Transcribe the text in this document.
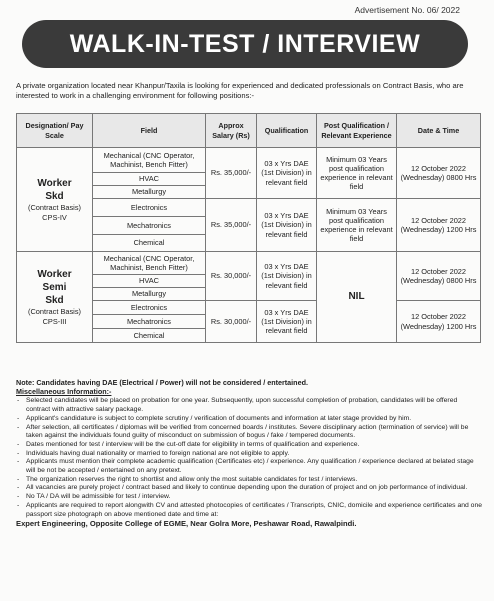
Advertisement No. 06/ 2022
WALK-IN-TEST / INTERVIEW
A private organization located near Khanpur/Taxila is looking for experienced and dedicated professionals on Contract Basis, who are interested to work in a challenging environment for following positions:-
Designation/ Pay Scale	Field	Approx Salary (Rs)	Qualification	Post Qualification / Relevant Experience	Date & Time

Worker
Skd
(Contract Basis)
CPS-IV	Mechanical (CNC Operator, Machinist, Bench Fitter)	Rs. 35,000/-	03 x Yrs DAE (1st Division) in relevant field	Minimum 03 Years post qualification experience in relevant field	12 October 2022 (Wednesday) 0800 Hrs
	HVAC				
	Metallurgy				
	Electronics	Rs. 35,000/-	03 x Yrs DAE (1st Division) in relevant field	Minimum 03 Years post qualification experience in relevant field	12 October 2022 (Wednesday) 1200 Hrs
	Mechatronics				
	Chemical				

Worker
Semi
Skd
(Contract Basis)
CPS-III	Mechanical (CNC Operator, Machinist, Bench Fitter)	Rs. 30,000/-	03 x Yrs DAE (1st Division) in relevant field	NIL	12 October 2022 (Wednesday) 0800 Hrs
	HVAC				
	Metallurgy				
	Electronics	Rs. 30,000/-	03 x Yrs DAE (1st Division) in relevant field		12 October 2022 (Wednesday) 1200 Hrs
	Mechatronics				
	Chemical				
Note: Candidates having DAE (Electrical / Power) will not be considered / entertained.
Miscellaneous Information:-
- Selected candidates will be placed on probation for one year. Subsequently, upon successful completion of probation, candidates will be offered contract with attractive salary package.
- Applicant's candidature is subject to complete scrutiny / verification of documents and information at later stage provided by him.
- After selection, all certificates / diplomas will be verified from concerned boards / institutes. Severe disciplinary action (termination of service) will be taken against the individuals found guilty of misconduct on submission of bogus / fake / tempered documents.
- Dates mentioned for test / interview will be the cut-off date for eligibility in terms of qualification and experience.
- Individuals having dual nationality or married to foreign national are not eligible to apply.
- Applicants must mention their complete academic qualification (Certificates etc) / experience. Any qualification / experience declared at belated stage will be not be accepted / entertained on any pretext.
- The organization reserves the right to shortlist and allow only the most suitable candidates for test / interviews.
- All vacancies are purely project / contract based and likely to continue depending upon the duration of project and on job performance of individual.
- No TA / DA will be admissible for test / interview.
- Applicants are required to report alongwith CV and attested photocopies of certificates / Transcripts, CNIC, domicile and experience certificates and one passport size photograph on above mentioned date and time at:
Expert Engineering, Opposite College of EGME, Near Golra More, Peshawar Road, Rawalpindi.
